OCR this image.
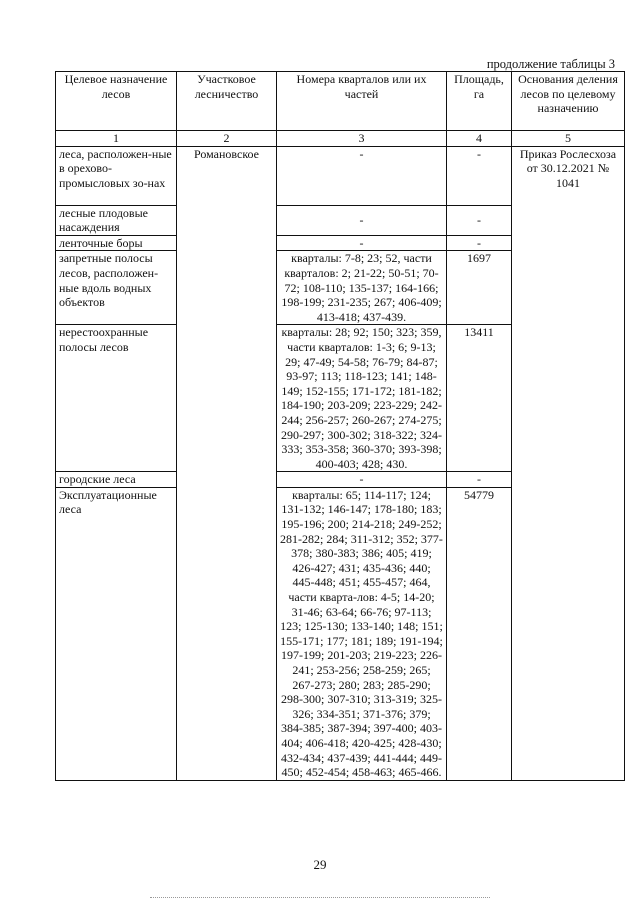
продолжение таблицы 3
Целевое назначение лесов	Участковое лесничество	Номера кварталов или их частей	Площадь, га	Основания деления лесов по целевому назначению
1	2	3	4	5
леса, расположен-ные в орехово-промысловых зо-нах	Романовское	-	-	Приказ Рослесхоза от 30.12.2021 № 1041
лесные плодовые насаждения		-	-	
ленточные боры		-	-	
запретные полосы лесов, расположен-ные вдоль водных объектов		кварталы: 7-8; 23; 52, части кварталов: 2; 21-22; 50-51; 70-72; 108-110; 135-137; 164-166; 198-199; 231-235; 267; 406-409; 413-418; 437-439.	1697	
нерестоохранные полосы лесов		кварталы: 28; 92; 150; 323; 359, части кварталов: 1-3; 6; 9-13; 29; 47-49; 54-58; 76-79; 84-87; 93-97; 113; 118-123; 141; 148-149; 152-155; 171-172; 181-182; 184-190; 203-209; 223-229; 242-244; 256-257; 260-267; 274-275; 290-297; 300-302; 318-322; 324-333; 353-358; 360-370; 393-398; 400-403; 428; 430.	13411	
городские леса		-	-	
Эксплуатационные леса		кварталы: 65; 114-117; 124; 131-132; 146-147; 178-180; 183; 195-196; 200; 214-218; 249-252; 281-282; 284; 311-312; 352; 377-378; 380-383; 386; 405; 419; 426-427; 431; 435-436; 440; 445-448; 451; 455-457; 464, части кварта-лов: 4-5; 14-20; 31-46; 63-64; 66-76; 97-113; 123; 125-130; 133-140; 148; 151; 155-171; 177; 181; 189; 191-194; 197-199; 201-203; 219-223; 226-241; 253-256; 258-259; 265; 267-273; 280; 283; 285-290; 298-300; 307-310; 313-319; 325-326; 334-351; 371-376; 379; 384-385; 387-394; 397-400; 403-404; 406-418; 420-425; 428-430; 432-434; 437-439; 441-444; 449-450; 452-454; 458-463; 465-466.	54779	
29
